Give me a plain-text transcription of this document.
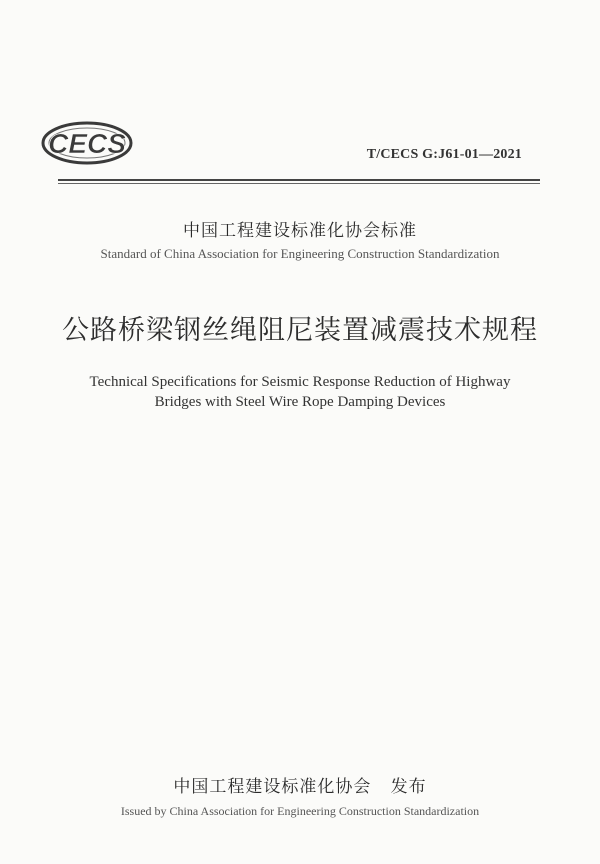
CECS	T/CECS G:J61-01—2021
中国工程建设标准化协会标准
Standard of China Association for Engineering Construction Standardization
公路桥梁钢丝绳阻尼装置减震技术规程
Technical Specifications for Seismic Response Reduction of Highway
Bridges with Steel Wire Rope Damping Devices
中国工程建设标准化协会   发布
Issued by China Association for Engineering Construction Standardization
